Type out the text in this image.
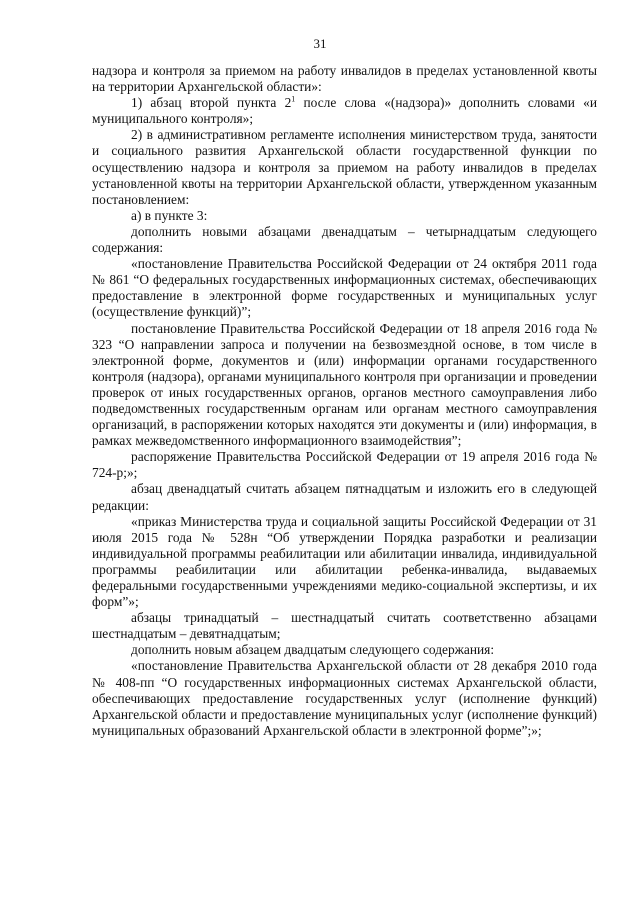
31

надзора и контроля за приемом на работу инвалидов в пределах установленной квоты на территории Архангельской области»:

1) абзац второй пункта $2^1$ после слова «(надзора)» дополнить словами «и муниципального контроля»;

2) в административном регламенте исполнения министерством труда, занятости и социального развития Архангельской области государственной функции по осуществлению надзора и контроля за приемом на работу инвалидов в пределах установленной квоты на территории Архангельской области, утвержденном указанным постановлением:

а) в пункте 3:

дополнить новыми абзацами двенадцатым – четырнадцатым следующего содержания:

«постановление Правительства Российской Федерации от 24 октября 2011 года № 861 “О федеральных государственных информационных системах, обеспечивающих предоставление в электронной форме государственных и муниципальных услуг (осуществление функций)”;

постановление Правительства Российской Федерации от 18 апреля 2016 года № 323 “О направлении запроса и получении на безвозмездной основе, в том числе в электронной форме, документов и (или) информации органами государственного контроля (надзора), органами муниципального контроля при организации и проведении проверок от иных государственных органов, органов местного самоуправления либо подведомственных государственным органам или органам местного самоуправления организаций, в распоряжении которых находятся эти документы и (или) информация, в рамках межведомственного информационного взаимодействия”;

распоряжение Правительства Российской Федерации от 19 апреля 2016 года № 724-р;»;

абзац двенадцатый считать абзацем пятнадцатым и изложить его в следующей редакции:

«приказ Министерства труда и социальной защиты Российской Федерации от 31 июля 2015 года № 528н “Об утверждении Порядка разработки и реализации индивидуальной программы реабилитации или абилитации инвалида, индивидуальной программы реабилитации или абилитации ребенка-инвалида, выдаваемых федеральными государственными учреждениями медико-социальной экспертизы, и их форм”»;

абзацы тринадцатый – шестнадцатый считать соответственно абзацами шестнадцатым – девятнадцатым;

дополнить новым абзацем двадцатым следующего содержания:

«постановление Правительства Архангельской области от 28 декабря 2010 года № 408-пп “О государственных информационных системах Архангельской области, обеспечивающих предоставление государственных услуг (исполнение функций) Архангельской области и предоставление муниципальных услуг (исполнение функций) муниципальных образований Архангельской области в электронной форме”;»;
